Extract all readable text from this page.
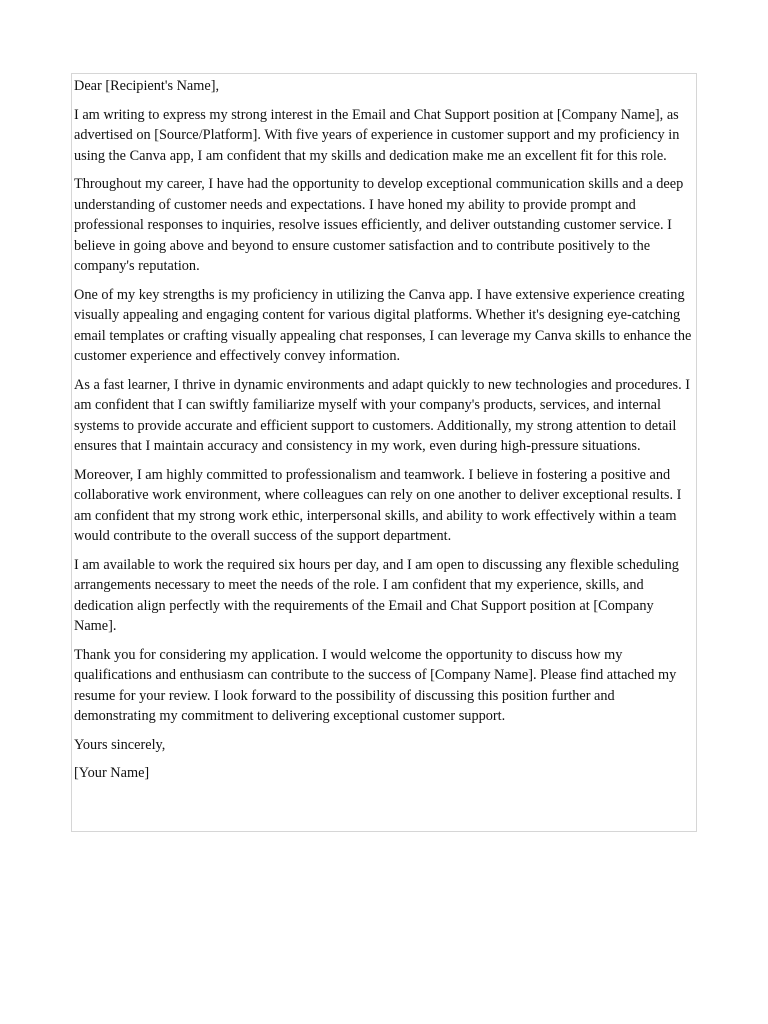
Dear [Recipient's Name],

I am writing to express my strong interest in the Email and Chat Support position at [Company Name], as advertised on [Source/Platform]. With five years of experience in customer support and my proficiency in using the Canva app, I am confident that my skills and dedication make me an excellent fit for this role.

Throughout my career, I have had the opportunity to develop exceptional communication skills and a deep understanding of customer needs and expectations. I have honed my ability to provide prompt and professional responses to inquiries, resolve issues efficiently, and deliver outstanding customer service. I believe in going above and beyond to ensure customer satisfaction and to contribute positively to the company's reputation.

One of my key strengths is my proficiency in utilizing the Canva app. I have extensive experience creating visually appealing and engaging content for various digital platforms. Whether it's designing eye-catching email templates or crafting visually appealing chat responses, I can leverage my Canva skills to enhance the customer experience and effectively convey information.

As a fast learner, I thrive in dynamic environments and adapt quickly to new technologies and procedures. I am confident that I can swiftly familiarize myself with your company's products, services, and internal systems to provide accurate and efficient support to customers. Additionally, my strong attention to detail ensures that I maintain accuracy and consistency in my work, even during high-pressure situations.

Moreover, I am highly committed to professionalism and teamwork. I believe in fostering a positive and collaborative work environment, where colleagues can rely on one another to deliver exceptional results. I am confident that my strong work ethic, interpersonal skills, and ability to work effectively within a team would contribute to the overall success of the support department.

I am available to work the required six hours per day, and I am open to discussing any flexible scheduling arrangements necessary to meet the needs of the role. I am confident that my experience, skills, and dedication align perfectly with the requirements of the Email and Chat Support position at [Company Name].

Thank you for considering my application. I would welcome the opportunity to discuss how my qualifications and enthusiasm can contribute to the success of [Company Name]. Please find attached my resume for your review. I look forward to the possibility of discussing this position further and demonstrating my commitment to delivering exceptional customer support.

Yours sincerely,

[Your Name]
